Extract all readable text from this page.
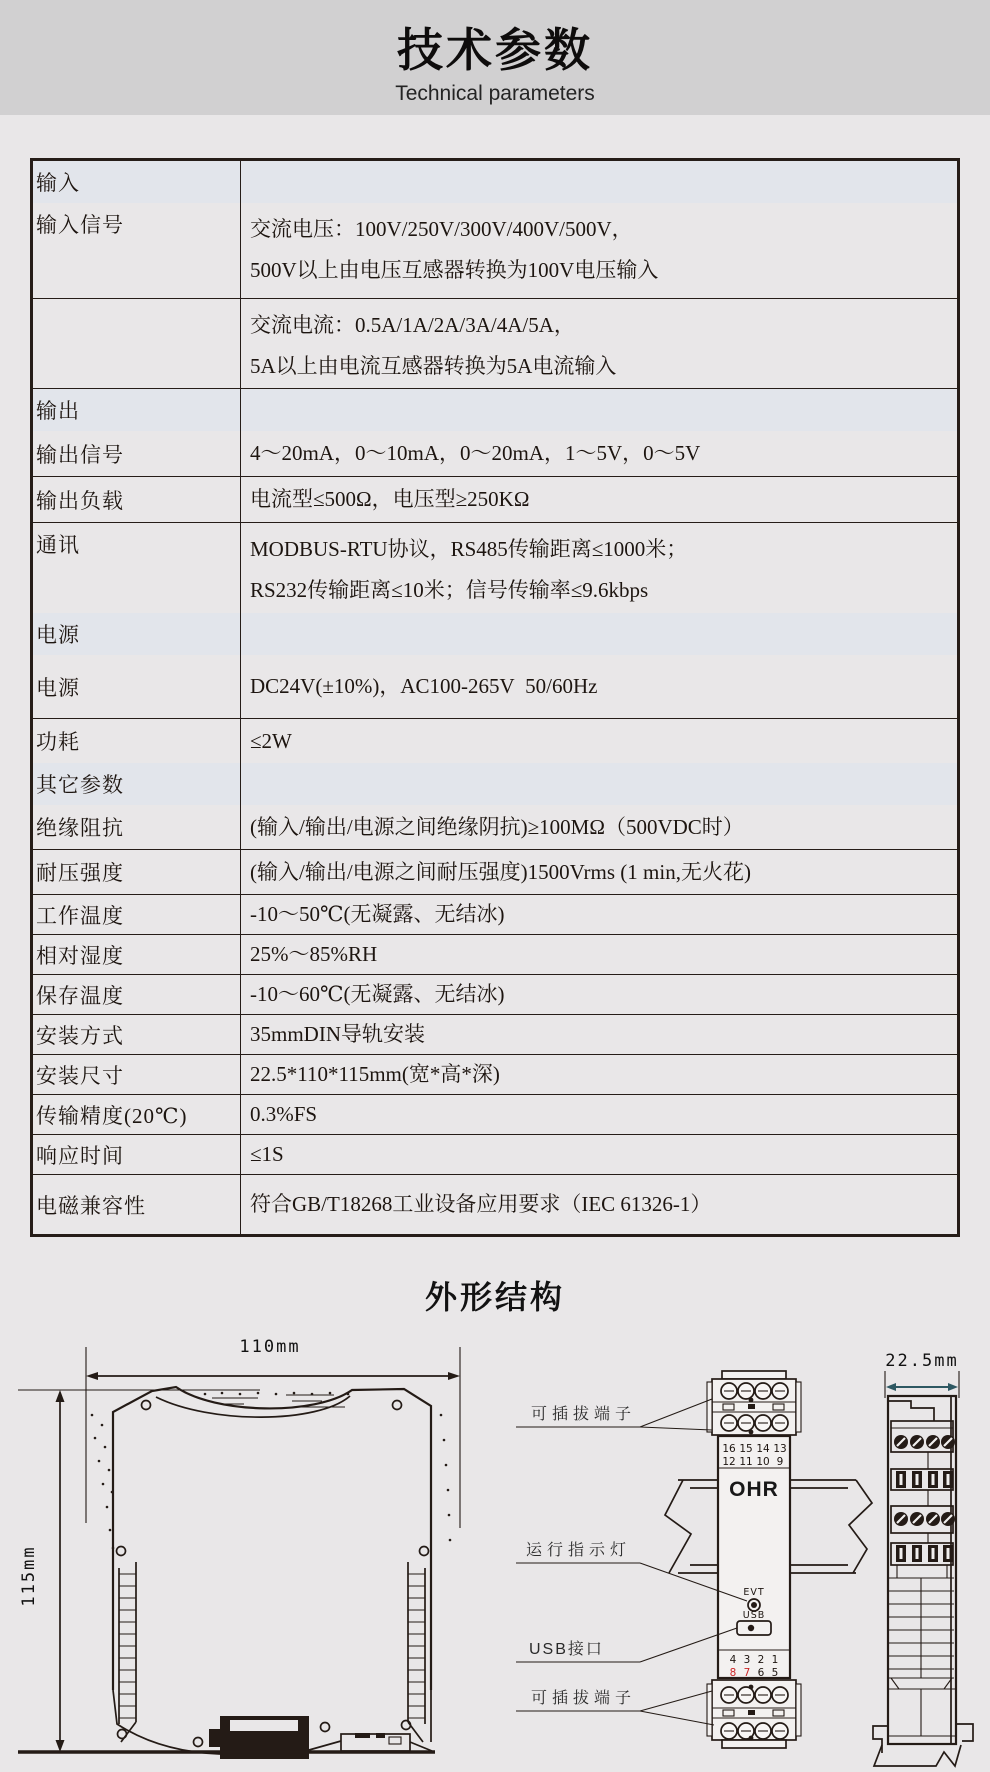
技术参数
Technical parameters
输入
输入信号	交流电压：100V/250V/300V/400V/500V，
500V以上由电压互感器转换为100V电压输入
交流电流：0.5A/1A/2A/3A/4A/5A，
5A以上由电流互感器转换为5A电流输入
输出
输出信号	4～20mA，0～10mA，0～20mA，1～5V，0～5V
输出负载	电流型≤500Ω，电压型≥250KΩ
通讯	MODBUS-RTU协议，RS485传输距离≤1000米；
RS232传输距离≤10米；信号传输率≤9.6kbps
电源
电源	DC24V(±10%)，AC100-265V  50/60Hz
功耗	≤2W
其它参数
绝缘阻抗	(输入/输出/电源之间绝缘阴抗)≥100MΩ（500VDC时）
耐压强度	(输入/输出/电源之间耐压强度)1500Vrms (1 min,无火花)
工作温度	-10～50℃(无凝露、无结冰)
相对湿度	25%～85%RH
保存温度	-10～60℃(无凝露、无结冰)
安装方式	35mmDIN导轨安装
安装尺寸	22.5*110*115mm(宽*高*深)
传输精度(20℃)	0.3%FS
响应时间	≤1S
电磁兼容性	符合GB/T18268工业设备应用要求（IEC 61326-1）
外形结构
110mm
115mm
16 15 14 13
12 11 10 9
OHR
EVT
USB
4 3 2 1
8 7 6 5
可插拔端子
运行指示灯
USB接口
可插拔端子
22.5mm
